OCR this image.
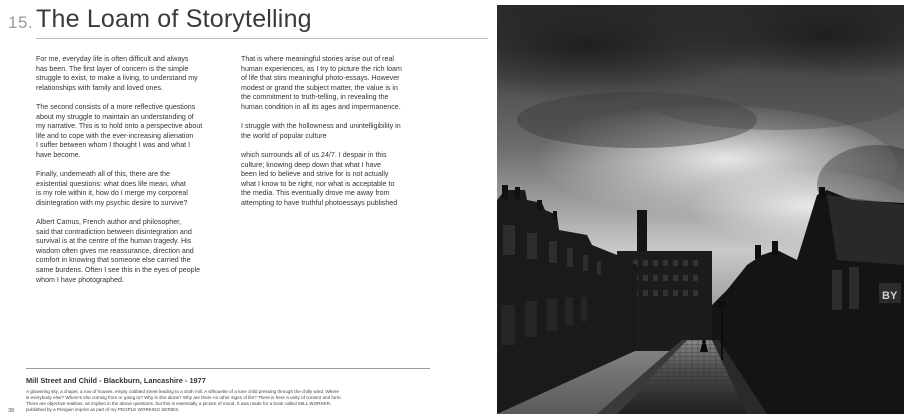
15. The Loam of Storytelling

For me, everyday life is often difficult and always
has been. The first layer of concern is the simple
struggle to exist, to make a living, to understand my
relationships with family and loved ones.

The second consists of a more reflective questions
about my struggle to maintain an understanding of
my narrative. This is to hold onto a perspective about
life and to cope with the ever-increasing alienation
I suffer between whom I thought I was and what I
have become.

Finally, underneath all of this, there are the
existential questions: what does life mean, what
is my role within it, how do I merge my corporeal
disintegration with my psychic desire to survive?

Albert Camus, French author and philosopher,
said that contradiction between disintegration and
survival is at the centre of the human tragedy. His
wisdom often gives me reassurance, direction and
comfort in knowing that someone else carried the
same burdens. Often I see this in the eyes of people
whom I have photographed.

That is where meaningful stories arise out of real
human experiences, as I try to picture the rich loam
of life that stirs meaningful photo-essays. However
modest or grand the subject matter, the value is in
the commitment to truth-telling, in revealing the
human condition in all its ages and impermanence.

I struggle with the hollowness and unintelligibility in
the world of popular culture

which surrounds all of us 24/7. I despair in this
culture; knowing deep down that what I have
been led to believe and strive for is not actually
what I know to be right, nor what is acceptable to
the media. This eventually drove me away from
attempting to have truthful photoessays published

Mill Street and Child - Blackburn, Lancashire - 1977
A glowering sky, a chapel, a row of houses, empty cobbled street leading to a cloth mill. A silhouette of a lone child pressing through the chilly wind. Where
is everybody else? Where's she coming from or going to? Why is she alone? Why are there no other signs of life? There is here a unity of content and form.
There are objective realities, as implied in the above questions, but this is essentially a picture of mood. It was made for a book called MILL WORKER,
published by a Penguin imprint as part of my PEOPLE WORKING SERIES.
38
BY
